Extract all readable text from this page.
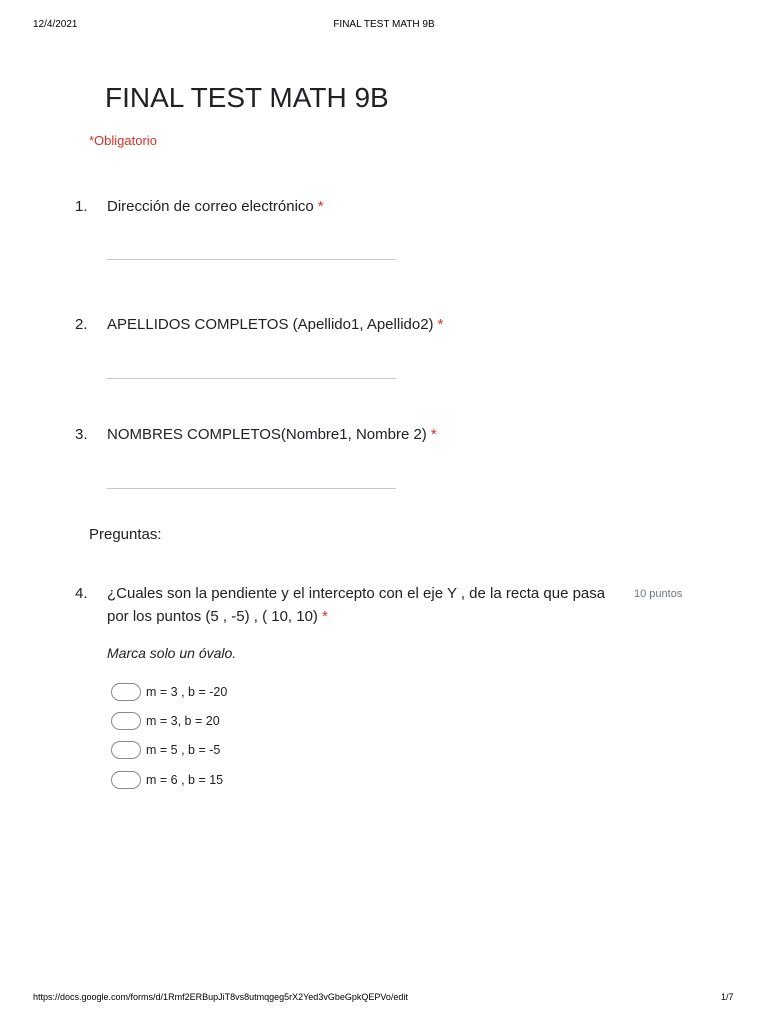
12/4/2021	FINAL TEST MATH 9B
FINAL TEST MATH 9B
*Obligatorio
1.	Dirección de correo electrónico *
2.	APELLIDOS COMPLETOS (Apellido1, Apellido2) *
3.	NOMBRES COMPLETOS(Nombre1, Nombre 2) *
Preguntas:
4. ¿Cuales son la pendiente y el intercepto con el eje Y , de la recta que pasa por los puntos (5 , -5) , ( 10, 10) *
10 puntos
Marca solo un óvalo.
m = 3 , b = -20
m = 3, b = 20
m = 5 , b = -5
m = 6 , b = 15
https://docs.google.com/forms/d/1Rmf2ERBupJiT8vs8utmqgeg5rX2Yed3vGbeGpkQEPVo/edit	1/7
